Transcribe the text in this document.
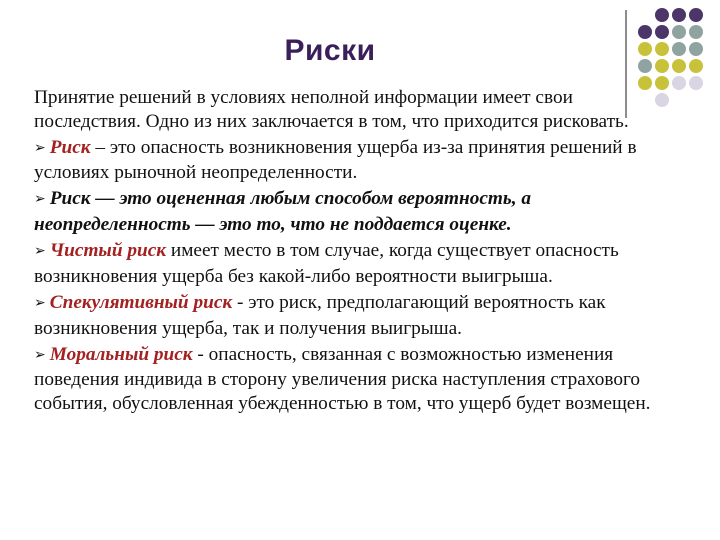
Риски

Принятие решений в условиях неполной информации имеет свои последствия. Одно из них заключается в том, что приходится рисковать.

➢ Риск – это опасность возникновения ущерба из-за принятия решений в условиях рыночной неопределенности.

➢ Риск — это оцененная любым способом вероятность, а неопределенность — это то, что не поддается оценке.

➢ Чистый риск имеет место в том случае, когда существует опасность возникновения ущерба без какой-либо вероятности выигрыша.

➢ Спекулятивный риск - это риск, предполагающий вероятность как возникновения ущерба, так и получения выигрыша.

➢ Моральный риск - опасность, связанная с возможностью изменения поведения индивида в сторону увеличения риска наступления страхового события, обусловленная убежденностью в том, что ущерб будет возмещен.
